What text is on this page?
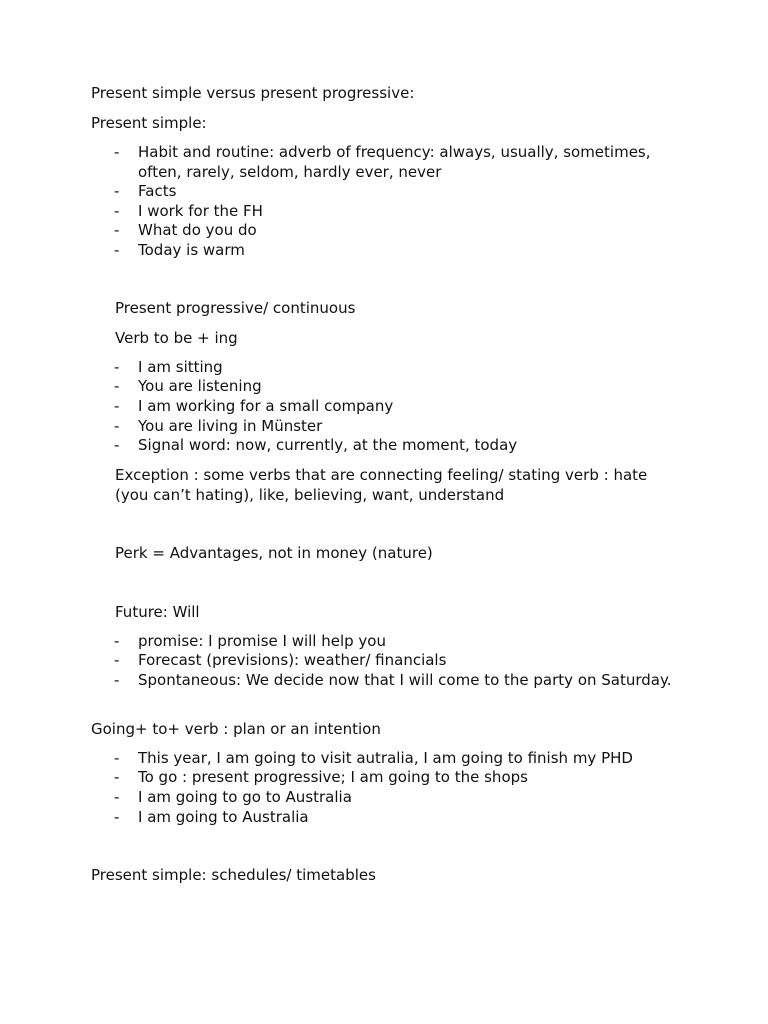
Present simple versus present progressive:

Present simple:

- Habit and routine: adverb of frequency: always, usually, sometimes, often, rarely, seldom, hardly ever, never
- Facts
- I work for the FH
- What do you do
- Today is warm

Present progressive/ continuous

Verb to be + ing

- I am sitting
- You are listening
- I am working for a small company
- You are living in Münster
- Signal word: now, currently, at the moment, today

Exception : some verbs that are connecting feeling/ stating verb : hate (you can’t hating), like, believing, want, understand

Perk = Advantages, not in money (nature)

Future: Will

- promise: I promise I will help you
- Forecast (previsions): weather/ financials
- Spontaneous: We decide now that I will come to the party on Saturday.

Going+ to+ verb : plan or an intention

- This year, I am going to visit autralia, I am going to finish my PHD
- To go : present progressive; I am going to the shops
- I am going to go to Australia
- I am going to Australia

Present simple: schedules/ timetables
